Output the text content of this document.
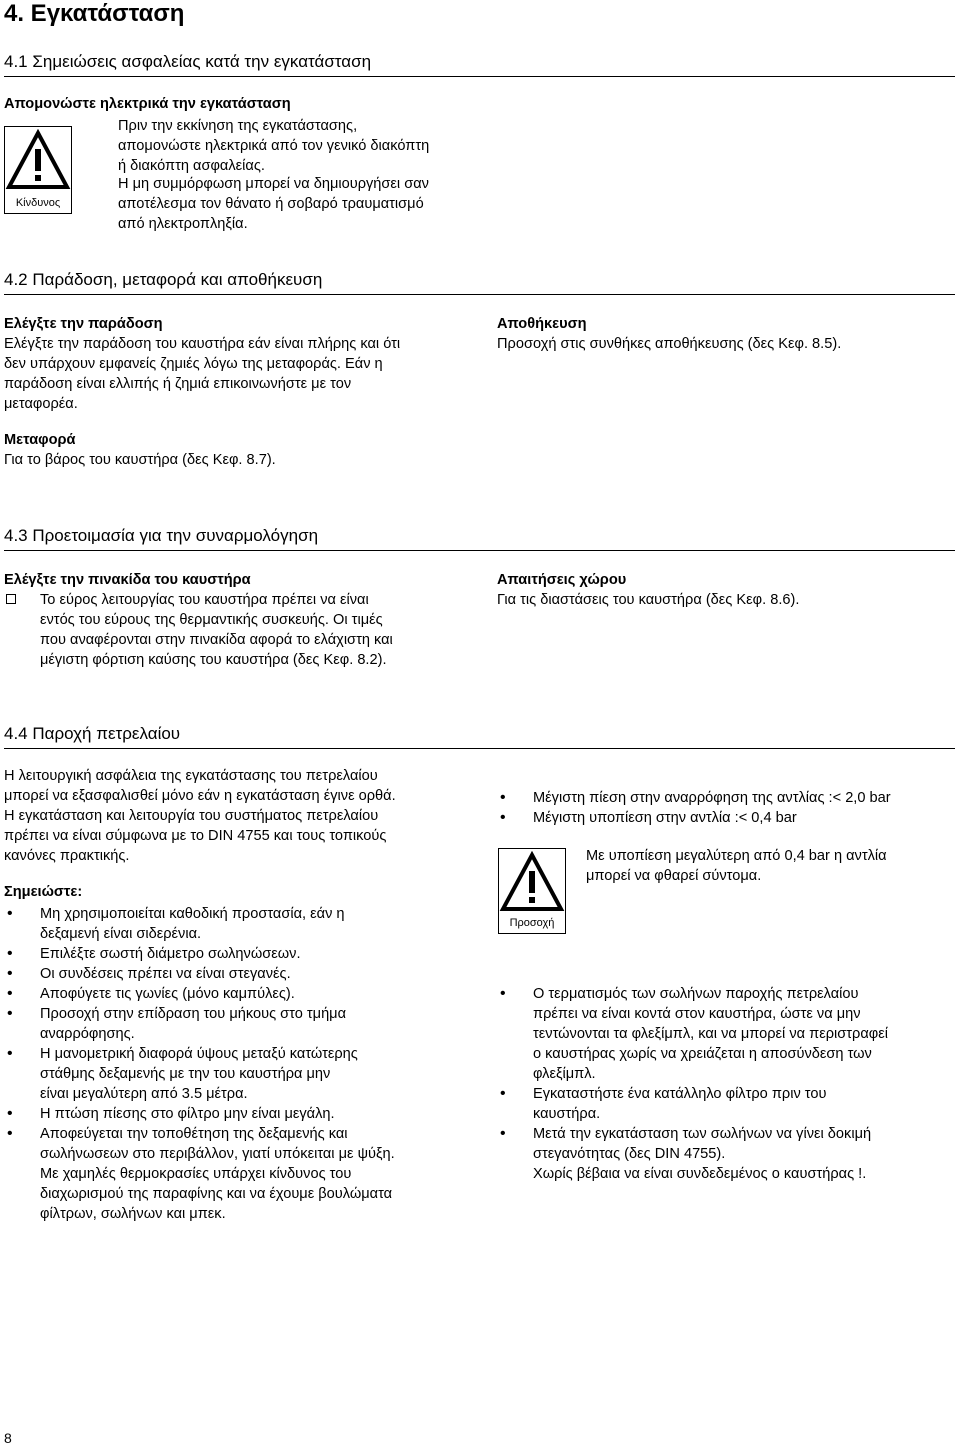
4. Εγκατάσταση
4.1 Σημειώσεις ασφαλείας κατά την εγκατάσταση
Απομονώστε ηλεκτρικά την εγκατάσταση
Κίνδυνος
Πριν την εκκίνηση της εγκατάστασης,
απομονώστε ηλεκτρικά από τον γενικό διακόπτη
ή διακόπτη ασφαλείας.
Η μη συμμόρφωση μπορεί να δημιουργήσει σαν
αποτέλεσμα τον θάνατο ή σοβαρό τραυματισμό
από ηλεκτροπληξία.
4.2 Παράδοση, μεταφορά και αποθήκευση
Ελέγξτε την παράδοση
Ελέγξτε την παράδοση του καυστήρα εάν είναι πλήρης και ότι
δεν υπάρχουν εμφανείς ζημιές λόγω της μεταφοράς. Εάν η
παράδοση είναι ελλιπής ή ζημιά επικοινωνήστε με τον
μεταφορέα.
Μεταφορά
Για το βάρος του καυστήρα (δες Κεφ. 8.7).
Αποθήκευση
Προσοχή στις συνθήκες αποθήκευσης (δες Κεφ. 8.5).
4.3 Προετοιμασία για την συναρμολόγηση
Ελέγξτε την πινακίδα του καυστήρα
Το εύρος λειτουργίας του καυστήρα πρέπει να είναι
εντός του εύρους της θερμαντικής συσκευής. Οι τιμές
που αναφέρονται στην πινακίδα αφορά το ελάχιστη και
μέγιστη φόρτιση καύσης του καυστήρα (δες Κεφ. 8.2).
Απαιτήσεις χώρου
Για τις διαστάσεις του καυστήρα (δες Κεφ. 8.6).
4.4 Παροχή πετρελαίου
Η λειτουργική ασφάλεια της εγκατάστασης του πετρελαίου
μπορεί να εξασφαλισθεί μόνο εάν η εγκατάσταση έγινε ορθά.
Η εγκατάσταση και λειτουργία του συστήματος πετρελαίου
πρέπει να είναι σύμφωνα με το DIN 4755 και τους τοπικούς
κανόνες πρακτικής.
Σημειώστε:
• Μη χρησιμοποιείται καθοδική προστασία, εάν η
δεξαμενή είναι σιδερένια.
• Επιλέξτε σωστή διάμετρο σωληνώσεων.
• Οι συνδέσεις πρέπει να είναι στεγανές.
• Αποφύγετε τις γωνίες (μόνο καμπύλες).
• Προσοχή στην επίδραση του μήκους στο τμήμα
αναρρόφησης.
• Η μανομετρική διαφορά ύψους μεταξύ κατώτερης
στάθμης δεξαμενής με την του καυστήρα μην
είναι μεγαλύτερη από 3.5 μέτρα.
• Η πτώση πίεσης στο φίλτρο μην είναι μεγάλη.
• Αποφεύγεται την τοποθέτηση της δεξαμενής και
σωλήνωσεων στο περιβάλλον, γιατί υπόκειται με ψύξη.
Με χαμηλές θερμοκρασίες υπάρχει κίνδυνος του
διαχωρισμού της παραφίνης και να έχουμε βουλώματα
φίλτρων, σωλήνων και μπεκ.
• Μέγιστη πίεση στην αναρρόφηση της αντλίας :< 2,0 bar
• Μέγιστη υποπίεση στην αντλία :< 0,4 bar
Προσοχή
Με υποπίεση μεγαλύτερη από 0,4 bar η αντλία
μπορεί να φθαρεί σύντομα.
• Ο τερματισμός των σωλήνων παροχής πετρελαίου
πρέπει να είναι κοντά στον καυστήρα, ώστε να μην
τεντώνονται τα φλεξίμπλ, και να μπορεί να περιστραφεί
ο καυστήρας χωρίς να χρειάζεται η αποσύνδεση των
φλεξίμπλ.
• Εγκαταστήστε ένα κατάλληλο φίλτρο πριν του
καυστήρα.
• Μετά την εγκατάσταση των σωλήνων να γίνει δοκιμή
στεγανότητας (δες DIN 4755).
Χωρίς βέβαια να είναι συνδεδεμένος ο καυστήρας !.
8
